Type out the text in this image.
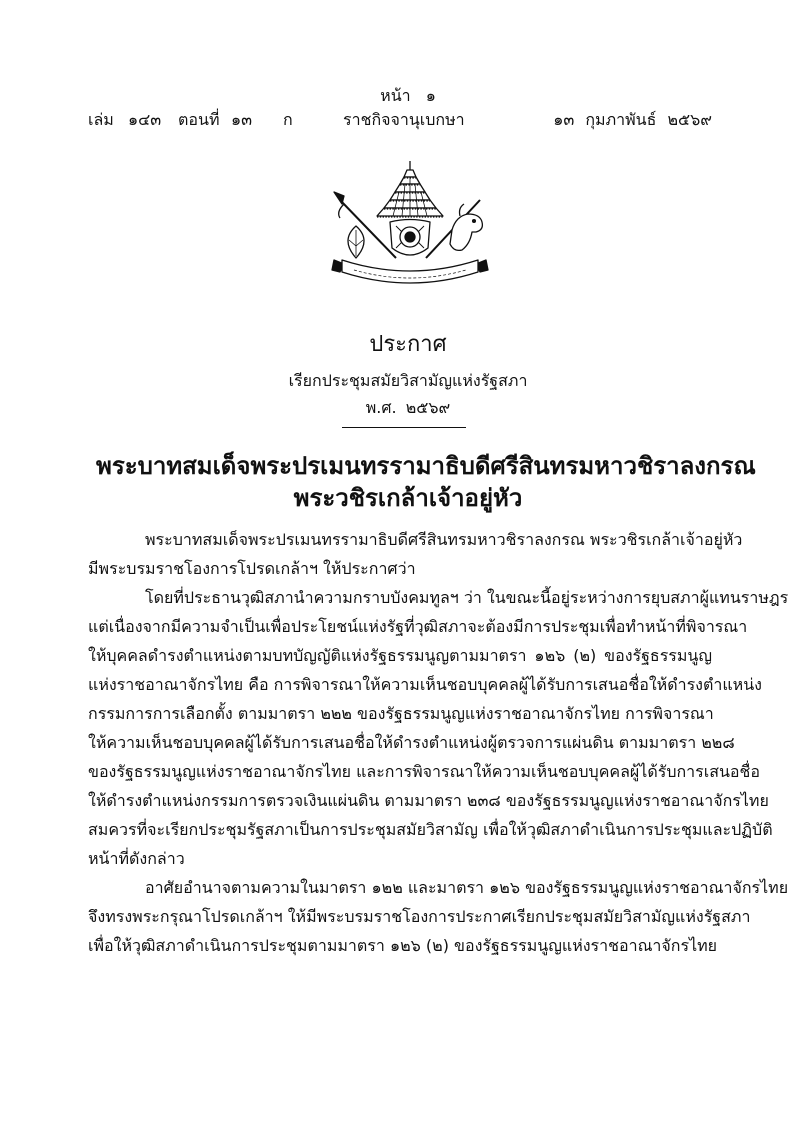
หน้า ๑
เล่ม ๑๔๓ ตอนที่ ๑๓ ก	ราชกิจจานุเบกษา	๑๓ กุมภาพันธ์ ๒๕๖๙
ประกาศ
เรียกประชุมสมัยวิสามัญแห่งรัฐสภา
พ.ศ. ๒๕๖๙
พระบาทสมเด็จพระปรเมนทรรามาธิบดีศรีสินทรมหาวชิราลงกรณ
พระวชิรเกล้าเจ้าอยู่หัว
พระบาทสมเด็จพระปรเมนทรรามาธิบดีศรีสินทรมหาวชิราลงกรณ พระวชิรเกล้าเจ้าอยู่หัว
มีพระบรมราชโองการโปรดเกล้าฯ ให้ประกาศว่า
โดยที่ประธานวุฒิสภานำความกราบบังคมทูลฯ ว่า ในขณะนี้อยู่ระหว่างการยุบสภาผู้แทนราษฎร
แต่เนื่องจากมีความจำเป็นเพื่อประโยชน์แห่งรัฐที่วุฒิสภาจะต้องมีการประชุมเพื่อทำหน้าที่พิจารณา
ให้บุคคลดำรงตำแหน่งตามบทบัญญัติแห่งรัฐธรรมนูญตามมาตรา ๑๒๖ (๒) ของรัฐธรรมนูญ
แห่งราชอาณาจักรไทย คือ การพิจารณาให้ความเห็นชอบบุคคลผู้ได้รับการเสนอชื่อให้ดำรงตำแหน่ง
กรรมการการเลือกตั้ง ตามมาตรา ๒๒๒ ของรัฐธรรมนูญแห่งราชอาณาจักรไทย การพิจารณา
ให้ความเห็นชอบบุคคลผู้ได้รับการเสนอชื่อให้ดำรงตำแหน่งผู้ตรวจการแผ่นดิน ตามมาตรา ๒๒๘
ของรัฐธรรมนูญแห่งราชอาณาจักรไทย และการพิจารณาให้ความเห็นชอบบุคคลผู้ได้รับการเสนอชื่อ
ให้ดำรงตำแหน่งกรรมการตรวจเงินแผ่นดิน ตามมาตรา ๒๓๘ ของรัฐธรรมนูญแห่งราชอาณาจักรไทย
สมควรที่จะเรียกประชุมรัฐสภาเป็นการประชุมสมัยวิสามัญ เพื่อให้วุฒิสภาดำเนินการประชุมและปฏิบัติ
หน้าที่ดังกล่าว
อาศัยอำนาจตามความในมาตรา ๑๒๒ และมาตรา ๑๒๖ ของรัฐธรรมนูญแห่งราชอาณาจักรไทย
จึงทรงพระกรุณาโปรดเกล้าฯ ให้มีพระบรมราชโองการประกาศเรียกประชุมสมัยวิสามัญแห่งรัฐสภา
เพื่อให้วุฒิสภาดำเนินการประชุมตามมาตรา ๑๒๖ (๒) ของรัฐธรรมนูญแห่งราชอาณาจักรไทย
